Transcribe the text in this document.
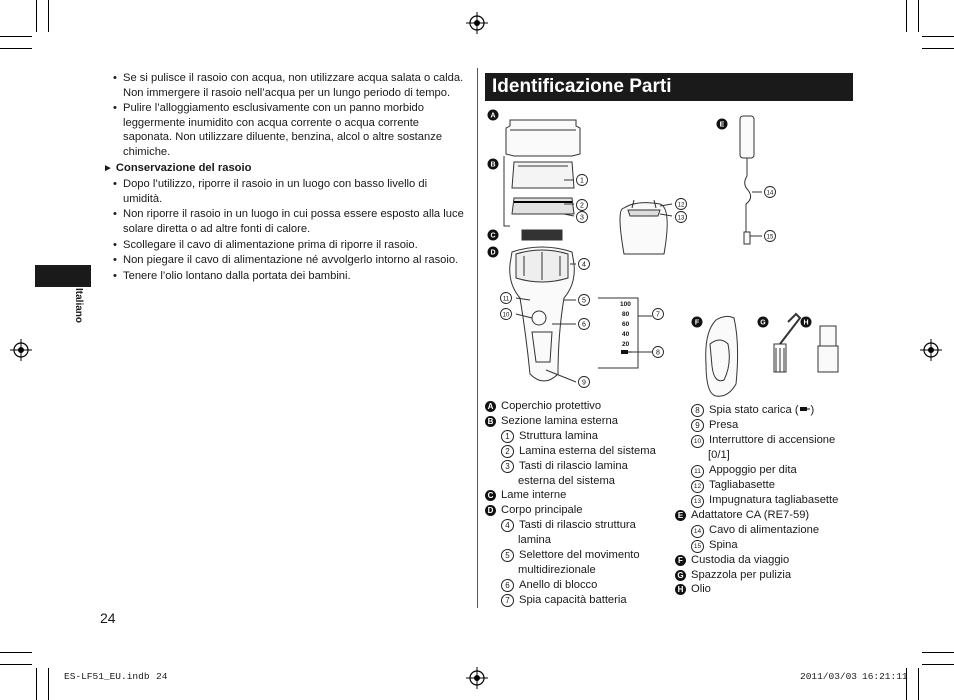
Italiano
• Se si pulisce il rasoio con acqua, non utilizzare acqua salata o calda. Non immergere il rasoio nell’acqua per un lungo periodo di tempo.
• Pulire l’alloggiamento esclusivamente con un panno morbido leggermente inumidito con acqua corrente o acqua corrente saponata. Non utilizzare diluente, benzina, alcol o altre sostanze chimiche.
► Conservazione del rasoio
• Dopo l’utilizzo, riporre il rasoio in un luogo con basso livello di umidità.
• Non riporre il rasoio in un luogo in cui possa essere esposto alla luce solare diretta o ad altre fonti di calore.
• Scollegare il cavo di alimentazione prima di riporre il rasoio.
• Non piegare il cavo di alimentazione né avvolgerlo intorno al rasoio.
• Tenere l’olio lontano dalla portata dei bambini.
24
Identificazione Parti
A
B
C
D
E
F	G	H
1
2
3
4
5
6
7
8
9
10
11
12
13
14
15
100
80
60
40
20
A Coperchio protettivo
B Sezione lamina esterna
1 Struttura lamina
2 Lamina esterna del sistema
3 Tasti di rilascio lamina
esterna del sistema
C Lame interne
D Corpo principale
4 Tasti di rilascio struttura
lamina
5 Selettore del movimento
multidirezionale
6 Anello di blocco
7 Spia capacità batteria
8 Spia stato carica ( )
9 Presa
10 Interruttore di accensione
[0/1]
11 Appoggio per dita
12 Tagliabasette
13 Impugnatura tagliabasette
E Adattatore CA (RE7-59)
14 Cavo di alimentazione
15 Spina
F Custodia da viaggio
G Spazzola per pulizia
H Olio
ES-LF51_EU.indb 24	2011/03/03 16:21:11
